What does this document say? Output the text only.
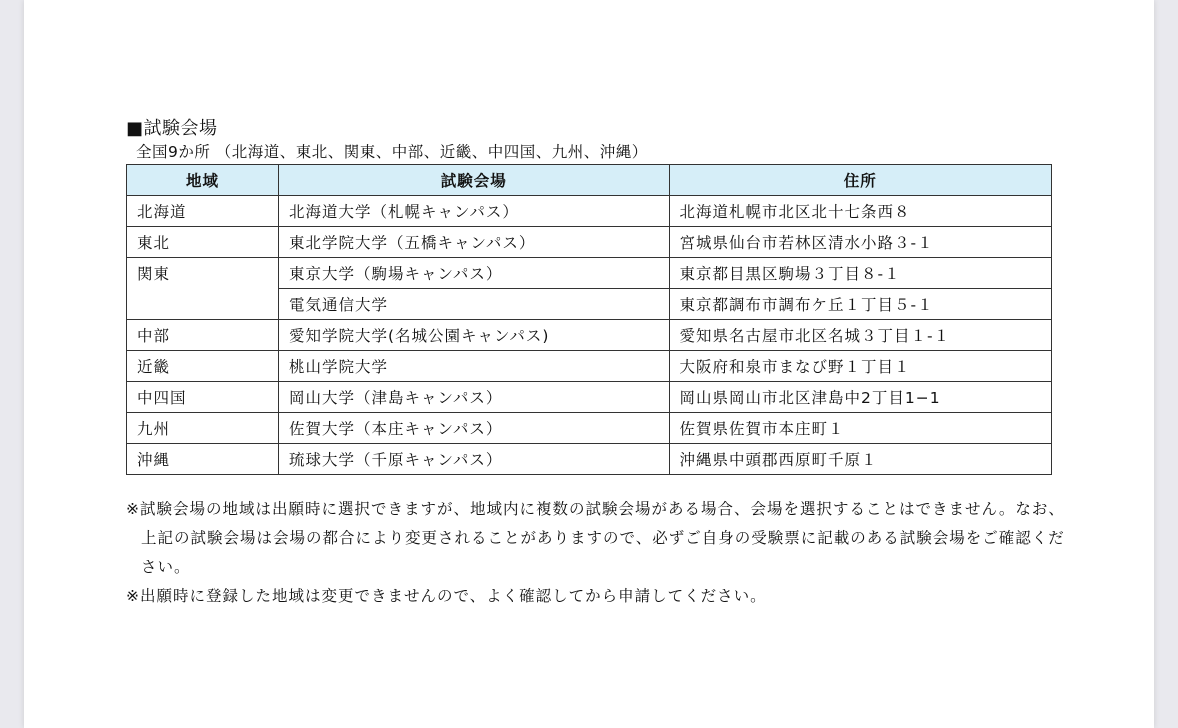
■試験会場

全国9か所 （北海道、東北、関東、中部、近畿、中四国、九州、沖縄）

地域	試験会場	住所
北海道	北海道大学（札幌キャンパス）	北海道札幌市北区北十七条西８
東北	東北学院大学（五橋キャンパス）	宮城県仙台市若林区清水小路３-１
関東	東京大学（駒場キャンパス）	東京都目黒区駒場３丁目８-１
	電気通信大学	東京都調布市調布ケ丘１丁目５-１
中部	愛知学院大学(名城公園キャンパス)	愛知県名古屋市北区名城３丁目１-１
近畿	桃山学院大学	大阪府和泉市まなび野１丁目１
中四国	岡山大学（津島キャンパス）	岡山県岡山市北区津島中2丁目1−1
九州	佐賀大学（本庄キャンパス）	佐賀県佐賀市本庄町１
沖縄	琉球大学（千原キャンパス）	沖縄県中頭郡西原町千原１

※試験会場の地域は出願時に選択できますが、地域内に複数の試験会場がある場合、会場を選択することはできません。なお、上記の試験会場は会場の都合により変更されることがありますので、必ずご自身の受験票に記載のある試験会場をご確認ください。

※出願時に登録した地域は変更できませんので、よく確認してから申請してください。
